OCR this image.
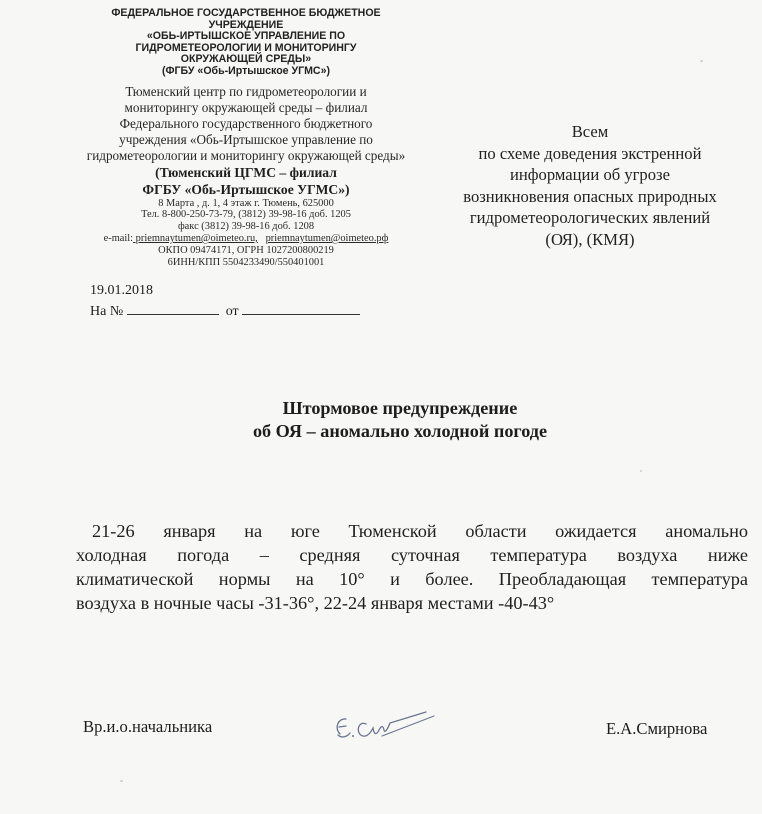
ФЕДЕРАЛЬНОЕ ГОСУДАРСТВЕННОЕ БЮДЖЕТНОЕ
УЧРЕЖДЕНИЕ
«ОБЬ-ИРТЫШСКОЕ УПРАВЛЕНИЕ ПО
ГИДРОМЕТЕОРОЛОГИИ И МОНИТОРИНГУ
ОКРУЖАЮЩЕЙ СРЕДЫ»
(ФГБУ «Обь-Иртышское УГМС»)
Тюменский центр по гидрометеорологии и
мониторингу окружающей среды – филиал
Федерального государственного бюджетного
учреждения «Обь-Иртышское управление по
гидрометеорологии и мониторингу окружающей среды»
(Тюменский ЦГМС – филиал
ФГБУ «Обь-Иртышское УГМС»)
8 Марта , д. 1, 4 этаж г. Тюмень, 625000
Тел. 8-800-250-73-79, (3812) 39-98-16 доб. 1205
факс (3812) 39-98-16 доб. 1208
e-mail: priemnaytumen@oimeteo.ru, priemnaytumen@oimeteo.рф
ОКПО 09474171, ОГРН 1027200800219
6ИНН/КПП 5504233490/550401001
19.01.2018
На №	от
Всем
по схеме доведения экстренной
информации об угрозе
возникновения опасных природных
гидрометеорологических явлений
(ОЯ), (КМЯ)
Штормовое предупреждение
об ОЯ – аномально холодной погоде
21-26 января на юге Тюменской области ожидается аномально
холодная погода – средняя суточная температура воздуха ниже
климатической нормы на 10° и более. Преобладающая температура
воздуха в ночные часы -31-36°, 22-24 января местами -40-43°
Вр.и.о.начальника	Е.А.Смирнова
